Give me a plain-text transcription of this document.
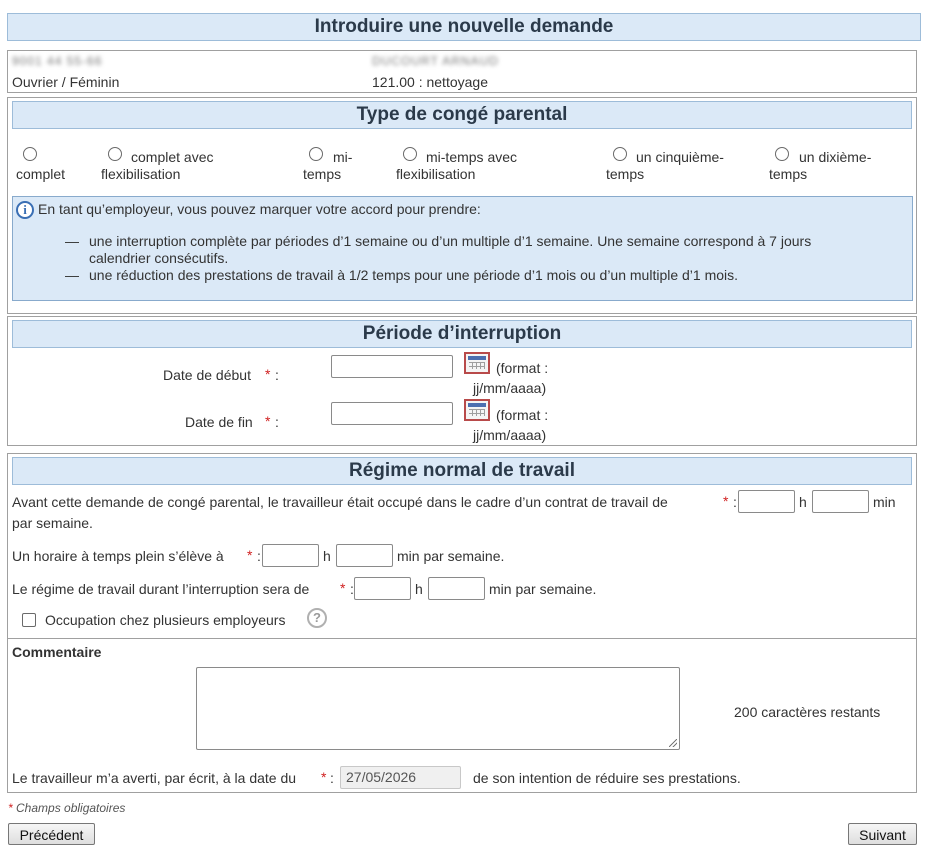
Introduire une nouvelle demande
9001 44 55-66	DUCOURT ARNAUD
Ouvrier / Féminin	121.00 : nettoyage
Type de congé parental
complet
complet avec
flexibilisation
mi-
temps
mi-temps avec
flexibilisation
un cinquième-
temps
un dixième-
temps
i En tant qu’employeur, vous pouvez marquer votre accord pour prendre:
— une interruption complète par périodes d’1 semaine ou d’un multiple d’1 semaine. Une semaine correspond à 7 jours
calendrier consécutifs.
— une réduction des prestations de travail à 1/2 temps pour une période d’1 mois ou d’un multiple d’1 mois.
Période d’interruption
Date de début * :	(format :
jj/mm/aaaa)
Date de fin * :	(format :
jj/mm/aaaa)
Régime normal de travail
Avant cette demande de congé parental, le travailleur était occupé dans le cadre d’un contrat de travail de	* :	h	min
par semaine.
Un horaire à temps plein s’élève à * :	h	min par semaine.
Le régime de travail durant l’interruption sera de * :	h	min par semaine.
Occupation chez plusieurs employeurs	?
Commentaire
200 caractères restants
Le travailleur m’a averti, par écrit, à la date du * : 27/05/2026	de son intention de réduire ses prestations.
* Champs obligatoires
Précédent	Suivant
